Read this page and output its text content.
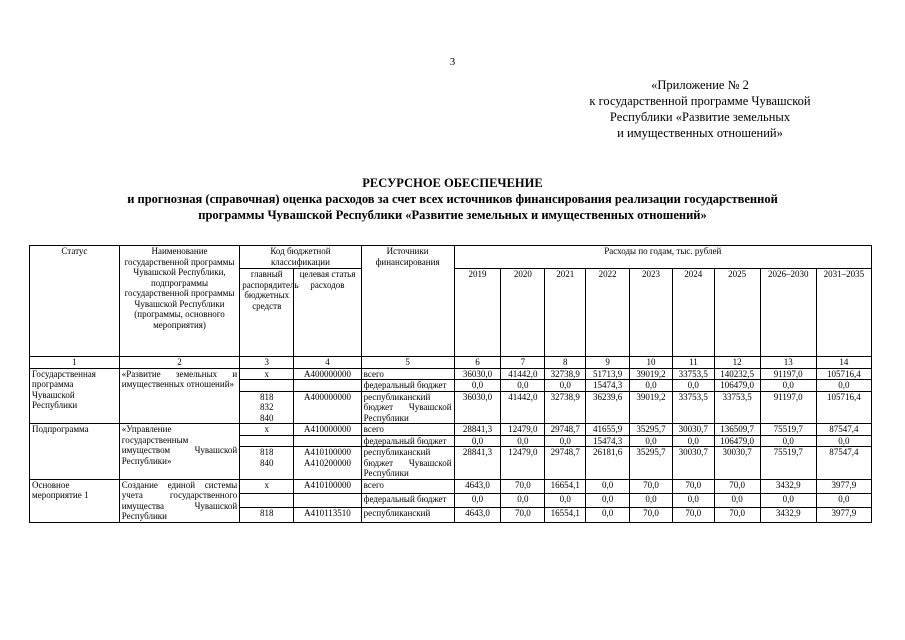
3
«Приложение № 2
к государственной программе Чувашской
Республики «Развитие земельных
и имущественных отношений»
РЕСУРСНОЕ ОБЕСПЕЧЕНИЕ
и прогнозная (справочная) оценка расходов за счет всех источников финансирования реализации государственной
программы Чувашской Республики «Развитие земельных и имущественных отношений»
Статус	Наименование государственной программы Чувашской Республики, подпрограммы государственной программы Чувашской Республики (программы, основного мероприятия)	Код бюджетной классификации		Источники финансирования	Расходы по годам, тыс. рублей								
		главный распорядитель бюджетных средств	целевая статья расходов		2019	2020	2021	2022	2023	2024	2025	2026–2030	2031–2035

1	2	3	4	5	6	7	8	9	10	11	12	13	14
Государственная программа Чувашской Республики	«Развитие земельных и имущественных отношений»	х	А400000000	всего	36030,0	41442,0	32738,9	51713,9	39019,2	33753,5	140232,5	91197,0	105716,4
				федеральный бюджет	0,0	0,0	0,0	15474,3	0,0	0,0	106479,0	0,0	0,0
		818
832
840	А400000000	республиканский бюджет Чувашской Республики	36030,0	41442,0	32738,9	36239,6	39019,2	33753,5	33753,5	91197,0	105716,4
Подпрограмма	«Управление государственным имуществом Чувашской Республики»	х	А410000000	всего	28841,3	12479,0	29748,7	41655,9	35295,7	30030,7	136509,7	75519,7	87547,4
				федеральный бюджет	0,0	0,0	0,0	15474,3	0,0	0,0	106479,0	0,0	0,0
		818
840	А410100000
А410200000	республиканский бюджет Чувашской Республики	28841,3	12479,0	29748,7	26181,6	35295,7	30030,7	30030,7	75519,7	87547,4
Основное мероприятие 1	Создание единой системы учета государственного имущества Чувашской Республики	х	А410100000	всего	4643,0	70,0	16654,1	0,0	70,0	70,0	70,0	3432,9	3977,9
				федеральный бюджет	0,0	0,0	0,0	0,0	0,0	0,0	0,0	0,0	0,0
		818	А410113510	республиканский	4643,0	70,0	16554,1	0,0	70,0	70,0	70,0	3432,9	3977,9
